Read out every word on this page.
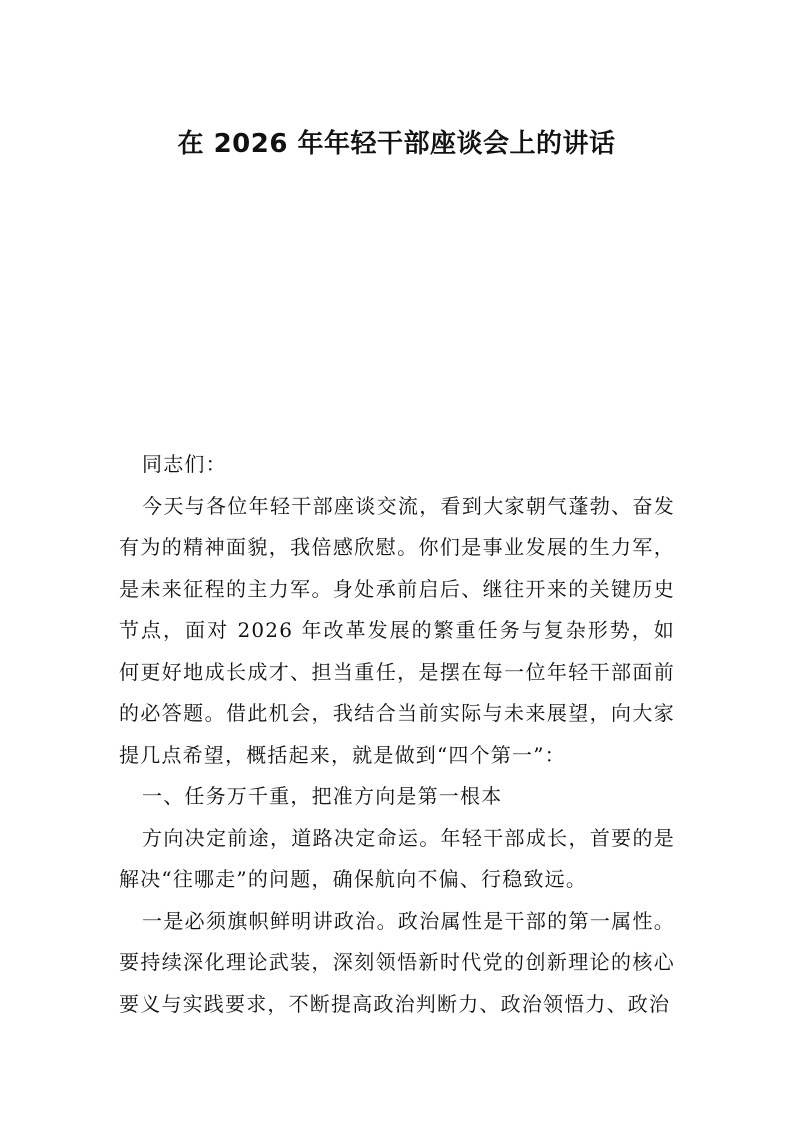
在 2026 年年轻干部座谈会上的讲话

同志们：

今天与各位年轻干部座谈交流，看到大家朝气蓬勃、奋发有为的精神面貌，我倍感欣慰。你们是事业发展的生力军，是未来征程的主力军。身处承前启后、继往开来的关键历史节点，面对 2026 年改革发展的繁重任务与复杂形势，如何更好地成长成才、担当重任，是摆在每一位年轻干部面前的必答题。借此机会，我结合当前实际与未来展望，向大家提几点希望，概括起来，就是做到“四个第一”：

一、任务万千重，把准方向是第一根本

方向决定前途，道路决定命运。年轻干部成长，首要的是解决“往哪走”的问题，确保航向不偏、行稳致远。

一是必须旗帜鲜明讲政治。政治属性是干部的第一属性。要持续深化理论武装，深刻领悟新时代党的创新理论的核心要义与实践要求，不断提高政治判断力、政治领悟力、政治
